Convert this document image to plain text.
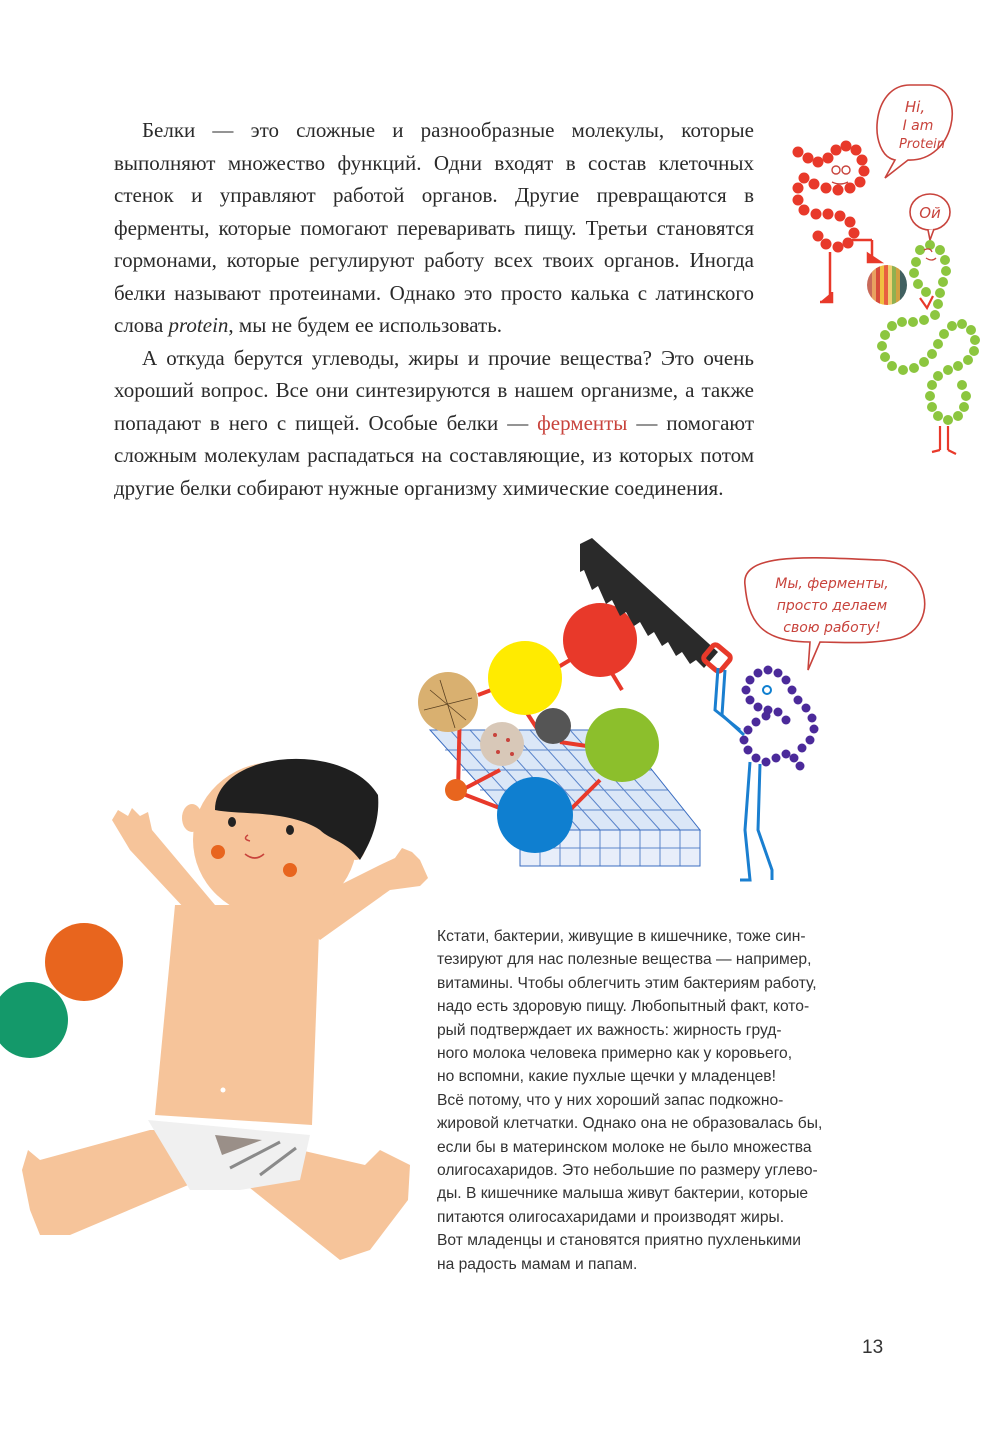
Белки — это сложные и разнообразные молекулы, которые выполняют множество функций. Одни входят в состав клеточных стенок и управляют работой органов. Другие превращаются в ферменты, которые помогают переваривать пищу. Третьи становятся гормонами, которые регулируют работу всех твоих органов. Иногда белки называют протеинами. Однако это просто калька с латинского слова protein, мы не будем ее использовать.

А откуда берутся углеводы, жиры и прочие вещества? Это очень хороший вопрос. Все они синтезируются в нашем организме, а также попадают в него с пищей. Особые белки — ферменты — помогают сложным молекулам распадаться на составляющие, из которых потом другие белки собирают нужные организму химические соединения.

Hi,
I am
Protein
Ой
Мы, ферменты,
просто делаем
свою работу!
Кстати, бактерии, живущие в кишечнике, тоже син-
тезируют для нас полезные вещества — например,
витамины. Чтобы облегчить этим бактериям работу,
надо есть здоровую пищу. Любопытный факт, кото-
рый подтверждает их важность: жирность груд-
ного молока человека примерно как у коровьего,
но вспомни, какие пухлые щечки у младенцев!
Всё потому, что у них хороший запас подкожно-
жировой клетчатки. Однако она не образовалась бы,
если бы в материнском молоке не было множества
олигосахаридов. Это небольшие по размеру углево-
ды. В кишечнике малыша живут бактерии, которые
питаются олигосахаридами и производят жиры.
Вот младенцы и становятся приятно пухленькими
на радость мамам и папам.
13
